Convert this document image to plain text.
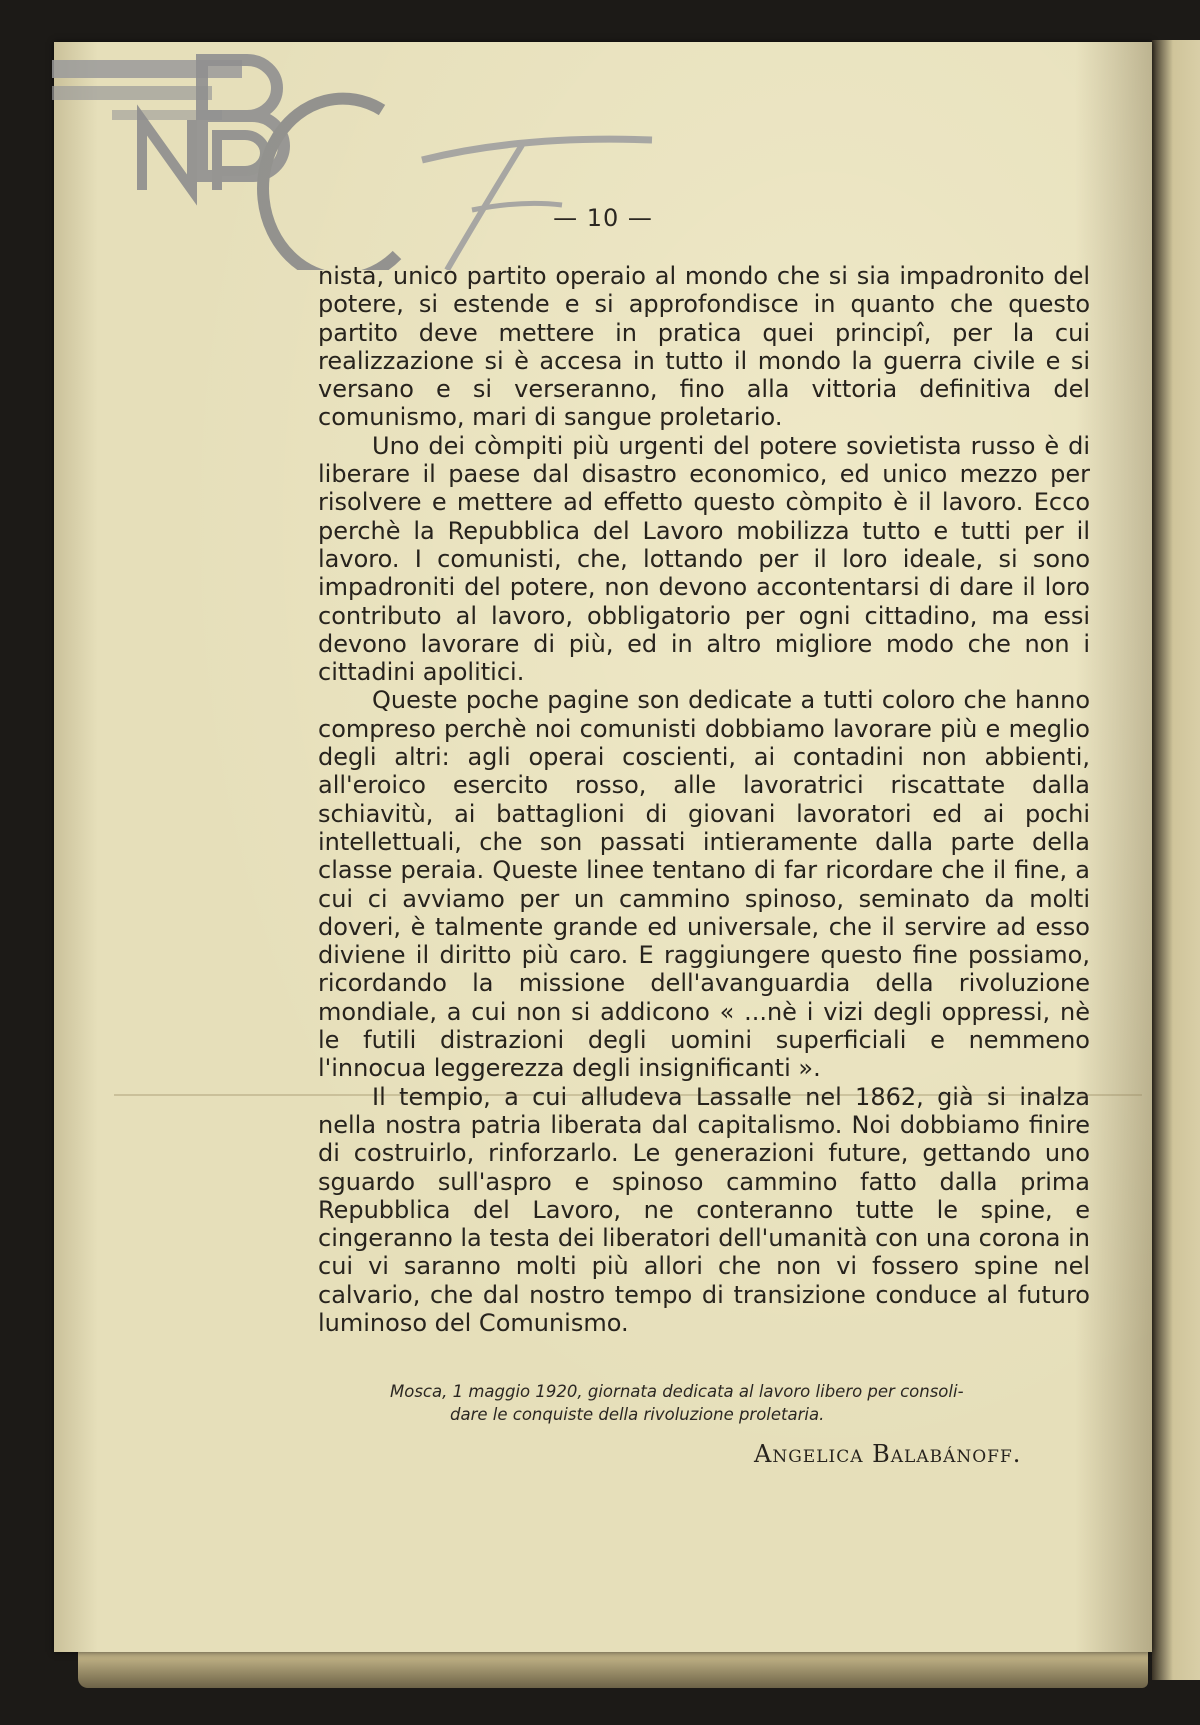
— 10 —

nista, unico partito operaio al mondo che si sia impadronito del potere, si estende e si approfondisce in quanto che questo partito deve mettere in pratica quei principî, per la cui realizzazione si è accesa in tutto il mondo la guerra civile e si versano e si verseranno, fino alla vittoria definitiva del comunismo, mari di sangue proletario.

Uno dei còmpiti più urgenti del potere sovietista russo è di liberare il paese dal disastro economico, ed unico mezzo per risolvere e mettere ad effetto questo còmpito è il lavoro. Ecco perchè la Repubblica del Lavoro mobilizza tutto e tutti per il lavoro. I comunisti, che, lottando per il loro ideale, si sono impadroniti del potere, non devono accontentarsi di dare il loro contributo al lavoro, obbligatorio per ogni cittadino, ma essi devono lavorare di più, ed in altro migliore modo che non i cittadini apolitici.

Queste poche pagine son dedicate a tutti coloro che hanno compreso perchè noi comunisti dobbiamo lavorare più e meglio degli altri: agli operai coscienti, ai contadini non abbienti, all'eroico esercito rosso, alle lavoratrici riscattate dalla schiavitù, ai battaglioni di giovani lavoratori ed ai pochi intellettuali, che son passati intieramente dalla parte della classe peraia. Queste linee tentano di far ricordare che il fine, a cui ci avviamo per un cammino spinoso, seminato da molti doveri, è talmente grande ed universale, che il servire ad esso diviene il diritto più caro. E raggiungere questo fine possiamo, ricordando la missione dell'avanguardia della rivoluzione mondiale, a cui non si addicono « ...nè i vizi degli oppressi, nè le futili distrazioni degli uomini superficiali e nemmeno l'innocua leggerezza degli insignificanti ».

Il tempio, a cui alludeva Lassalle nel 1862, già si inalza nella nostra patria liberata dal capitalismo. Noi dobbiamo finire di costruirlo, rinforzarlo. Le generazioni future, gettando uno sguardo sull'aspro e spinoso cammino fatto dalla prima Repubblica del Lavoro, ne conteranno tutte le spine, e cingeranno la testa dei liberatori dell'umanità con una corona in cui vi saranno molti più allori che non vi fossero spine nel calvario, che dal nostro tempo di transizione conduce al futuro luminoso del Comunismo.

Mosca, 1 maggio 1920, giornata dedicata al lavoro libero per consoli-

dare le conquiste della rivoluzione proletaria.

Angelica Balabánoff.
